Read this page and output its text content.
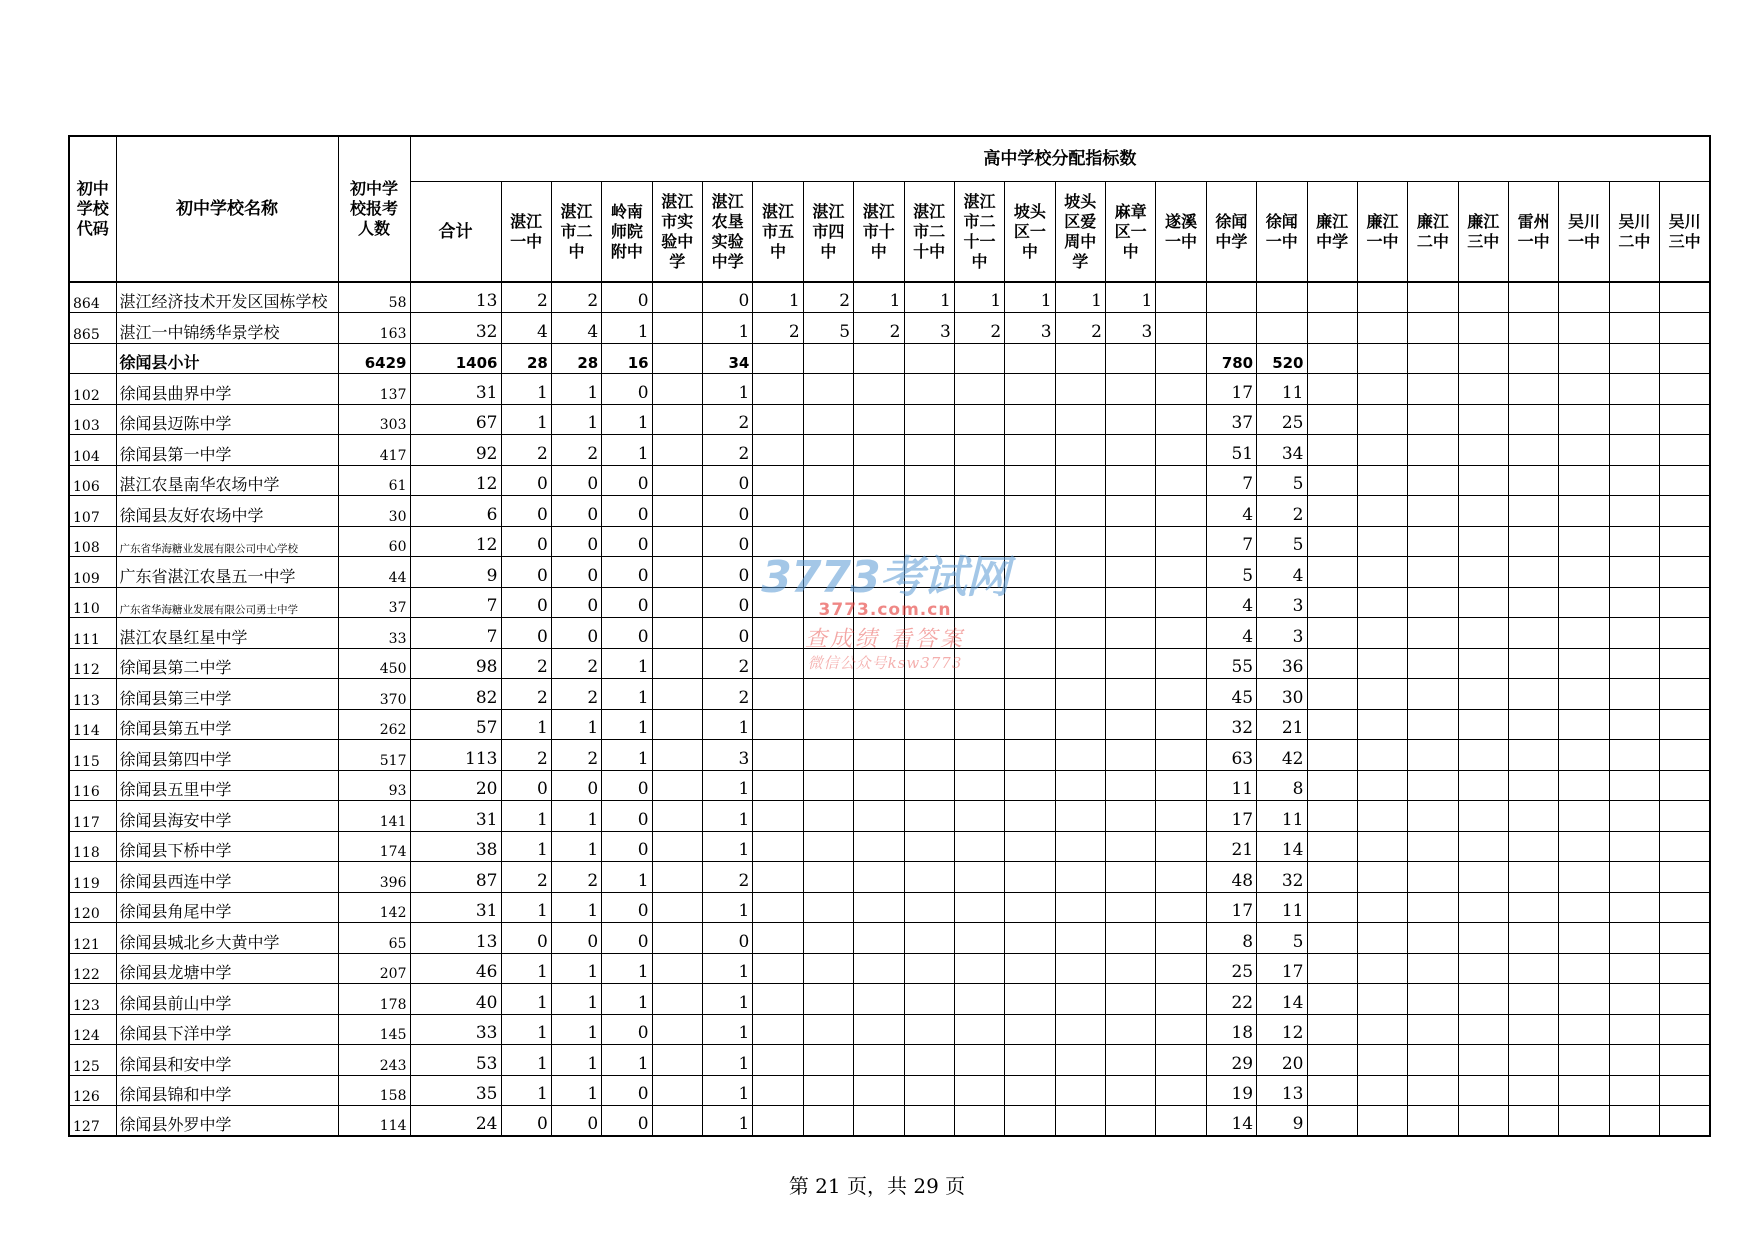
初中学校代码	初中学校名称	初中学校报考人数	高中学校分配指标数																								
			合计	湛江一中	湛江市二中	岭南师院附中	湛江市实验中学	湛江农垦实验中学	湛江市五中	湛江市四中	湛江市十中	湛江市二十中	湛江市二十一中	坡头区一中	坡头区爱周中学	麻章区一中	遂溪一中	徐闻中学	徐闻一中	廉江中学	廉江一中	廉江二中	廉江三中	雷州一中	吴川一中	吴川二中	吴川三中
864	湛江经济技术开发区国栋学校	58	13	2	2	0		0	1	2	1	1	1	1	1	1											
865	湛江一中锦绣华景学校	163	32	4	4	1		1	2	5	2	3	2	3	2	3											
	徐闻县小计	6429	1406	28	28	16		34										780	520								
102	徐闻县曲界中学	137	31	1	1	0		1										17	11								
103	徐闻县迈陈中学	303	67	1	1	1		2										37	25								
104	徐闻县第一中学	417	92	2	2	1		2										51	34								
106	湛江农垦南华农场中学	61	12	0	0	0		0										7	5								
107	徐闻县友好农场中学	30	6	0	0	0		0										4	2								
108	广东省华海糖业发展有限公司中心学校	60	12	0	0	0		0										7	5								
109	广东省湛江农垦五一中学	44	9	0	0	0		0										5	4								
110	广东省华海糖业发展有限公司勇士中学	37	7	0	0	0		0										4	3								
111	湛江农垦红星中学	33	7	0	0	0		0										4	3								
112	徐闻县第二中学	450	98	2	2	1		2										55	36								
113	徐闻县第三中学	370	82	2	2	1		2										45	30								
114	徐闻县第五中学	262	57	1	1	1		1										32	21								
115	徐闻县第四中学	517	113	2	2	1		3										63	42								
116	徐闻县五里中学	93	20	0	0	0		1										11	8								
117	徐闻县海安中学	141	31	1	1	0		1										17	11								
118	徐闻县下桥中学	174	38	1	1	0		1										21	14								
119	徐闻县西连中学	396	87	2	2	1		2										48	32								
120	徐闻县角尾中学	142	31	1	1	0		1										17	11								
121	徐闻县城北乡大黄中学	65	13	0	0	0		0										8	5								
122	徐闻县龙塘中学	207	46	1	1	1		1										25	17								
123	徐闻县前山中学	178	40	1	1	1		1										22	14								
124	徐闻县下洋中学	145	33	1	1	0		1										18	12								
125	徐闻县和安中学	243	53	1	1	1		1										29	20								
126	徐闻县锦和中学	158	35	1	1	0		1										19	13								
127	徐闻县外罗中学	114	24	0	0	0		1										14	9								
第 21 页，共 29 页
3773考试网
3773.com.cn
查成绩 看答案
微信公众号ksw3773
